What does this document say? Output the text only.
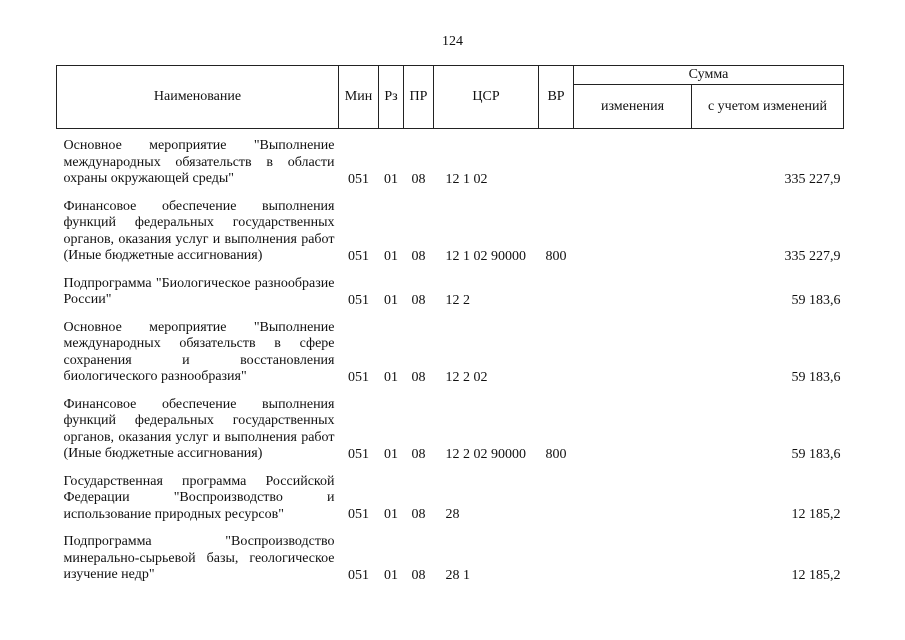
124
Наименование	Мин	Рз	ПР	ЦСР	ВР	Сумма	
						изменения	с учетом изменений
Основное мероприятие "Выполнение международных обязательств в области охраны окружающей среды"	051	01	08	12 1 02			335 227,9
Финансовое обеспечение выполнения функций федеральных государственных органов, оказания услуг и выполнения работ (Иные бюджетные ассигнования)	051	01	08	12 1 02 90000	800		335 227,9
Подпрограмма "Биологическое разнообразие России"	051	01	08	12 2			59 183,6
Основное мероприятие "Выполнение международных обязательств в сфере сохранения и восстановления биологического разнообразия"	051	01	08	12 2 02			59 183,6
Финансовое обеспечение выполнения функций федеральных государственных органов, оказания услуг и выполнения работ (Иные бюджетные ассигнования)	051	01	08	12 2 02 90000	800		59 183,6
Государственная программа Российской Федерации "Воспроизводство и использование природных ресурсов"	051	01	08	28			12 185,2
Подпрограмма "Воспроизводство минерально-сырьевой базы, геологическое изучение недр"	051	01	08	28 1			12 185,2
